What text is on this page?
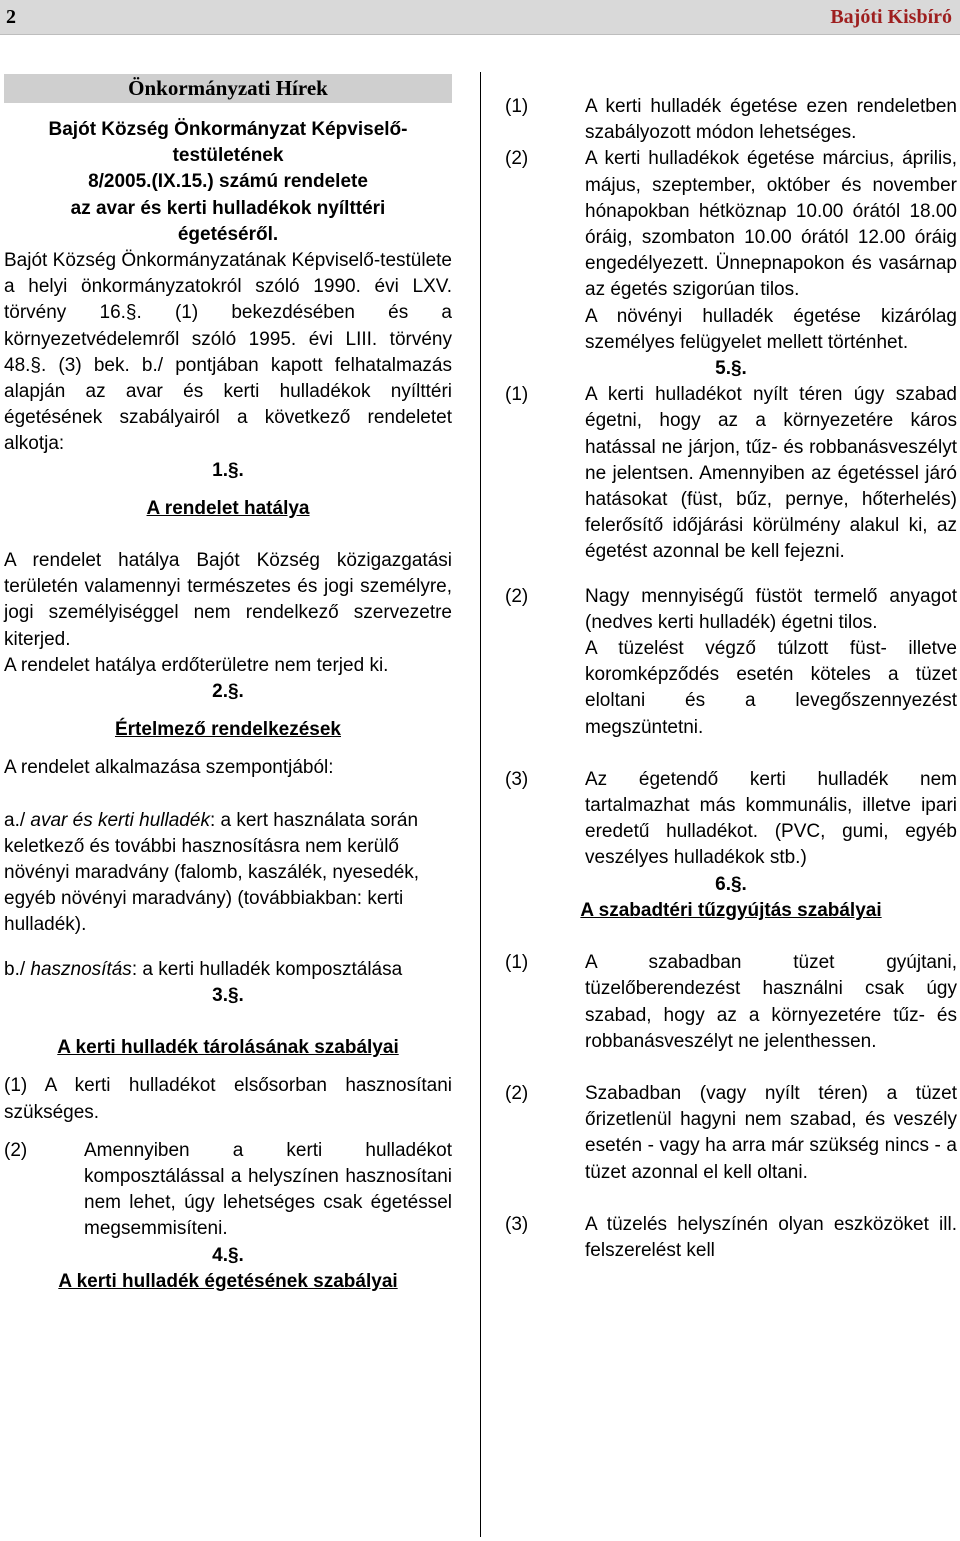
2	Bajóti Kisbíró
Önkormányzati Hírek
Bajót Község Önkormányzat Képviselő-
testületének
8/2005.(IX.15.) számú rendelete
az avar és kerti hulladékok nyílttéri
égetéséről.

Bajót Község Önkormányzatának Képviselő-testülete a helyi önkormányzatokról szóló 1990. évi LXV. törvény 16.§. (1) bekezdésében és a környezetvédelemről szóló 1995. évi LIII. törvény 48.§. (3) bek. b./ pontjában kapott felhatalmazás alapján az avar és kerti hulladékok nyílttéri égetésének szabályairól a következő rendeletet alkotja:

1.§.
A rendelet hatálya

A rendelet hatálya Bajót Község közigazgatási területén valamennyi természetes és jogi személyre, jogi személyiséggel nem rendelkező szervezetre kiterjed.

A rendelet hatálya erdőterületre nem terjed ki.

2.§.
Értelmező rendelkezések

A rendelet alkalmazása szempontjából:

a./ avar és kerti hulladék: a kert használata során keletkező és további hasznosításra nem kerülő növényi maradvány (falomb, kaszálék, nyesedék, egyéb növényi maradvány) (továbbiakban: kerti hulladék).

b./ hasznosítás: a kerti hulladék komposztálása

3.§.
A kerti hulladék tárolásának szabályai

(1) A kerti hulladékot elsősorban hasznosítani szükséges.

(2)	Amennyiben a kerti hulladékot komposztálással a helyszínen hasznosítani nem lehet, úgy lehetséges csak égetéssel megsemmisíteni.
4.§.
A kerti hulladék égetésének szabályai
(1)	A kerti hulladék égetése ezen rendeletben szabályozott módon lehetséges.
(2)	A kerti hulladékok égetése március, április, május, szeptember, október és november hónapokban hétköznap 10.00 órától 18.00 óráig, szombaton 10.00 órától 12.00 óráig engedélyezett. Ünnepnapokon és vasárnap az égetés szigorúan tilos.
A növényi hulladék égetése kizárólag személyes felügyelet mellett történhet.
5.§.
(1)	A kerti hulladékot nyílt téren úgy szabad égetni, hogy az a környezetére káros hatással ne járjon, tűz- és robbanásveszélyt ne jelentsen. Amennyiben az égetéssel járó hatásokat (füst, bűz, pernye, hőterhelés) felerősítő időjárási körülmény alakul ki, az égetést azonnal be kell fejezni.
(2)	Nagy mennyiségű füstöt termelő anyagot (nedves kerti hulladék) égetni tilos.
A tüzelést végző túlzott füst- illetve koromképződés esetén köteles a tüzet eloltani és a levegőszennyezést megszüntetni.
(3)	Az égetendő kerti hulladék nem tartalmazhat más kommunális, illetve ipari eredetű hulladékot. (PVC, gumi, egyéb veszélyes hulladékok stb.)
6.§.
A szabadtéri tűzgyújtás szabályai
(1)	A szabadban tüzet gyújtani, tüzelőberendezést használni csak úgy szabad, hogy az a környezetére tűz- és robbanásveszélyt ne jelenthessen.
(2)	Szabadban (vagy nyílt téren) a tüzet őrizetlenül hagyni nem szabad, és veszély esetén - vagy ha arra már szükség nincs - a tüzet azonnal el kell oltani.
(3)	A tüzelés helyszínén olyan eszközöket ill. felszerelést kell
